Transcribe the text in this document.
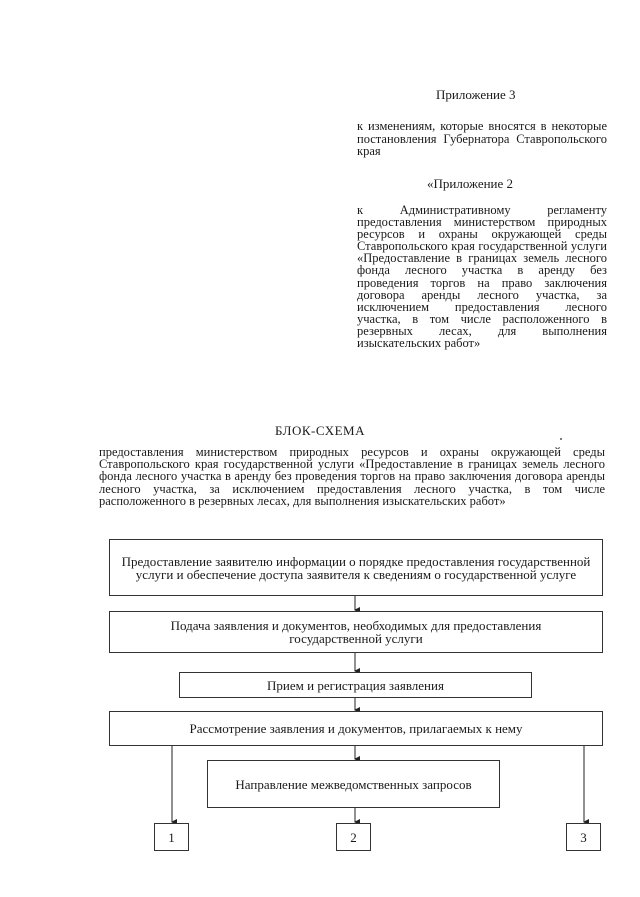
Приложение 3
к изменениям, которые вносятся в некоторые постановления Губернатора Ставропольского края
«Приложение 2
к Административному регламенту предоставления министерством природных ресурсов и охраны окружающей среды Ставропольского края государственной услуги «Предоставление в границах земель лесного фонда лесного участка в аренду без проведения торгов на право заключения договора аренды лесного участка, за исключением предоставления лесного участка, в том числе расположенного в резервных лесах, для выполнения изыскательских работ»
БЛОК-СХЕМА
предоставления министерством природных ресурсов и охраны окружающей среды Ставропольского края государственной услуги «Предоставление в границах земель лесного фонда лесного участка в аренду без проведения торгов на право заключения договора аренды лесного участка, за исключением предоставления лесного участка, в том числе расположенного в резервных лесах, для выполнения изыскательских работ»
Предоставление заявителю информации о порядке предоставления государственной услуги и обеспечение доступа заявителя к сведениям о государственной услуге
Подача заявления и документов, необходимых для предоставления государственной услуги
Прием и регистрация заявления
Рассмотрение заявления и документов, прилагаемых к нему
Направление межведомственных запросов
1	2	3
